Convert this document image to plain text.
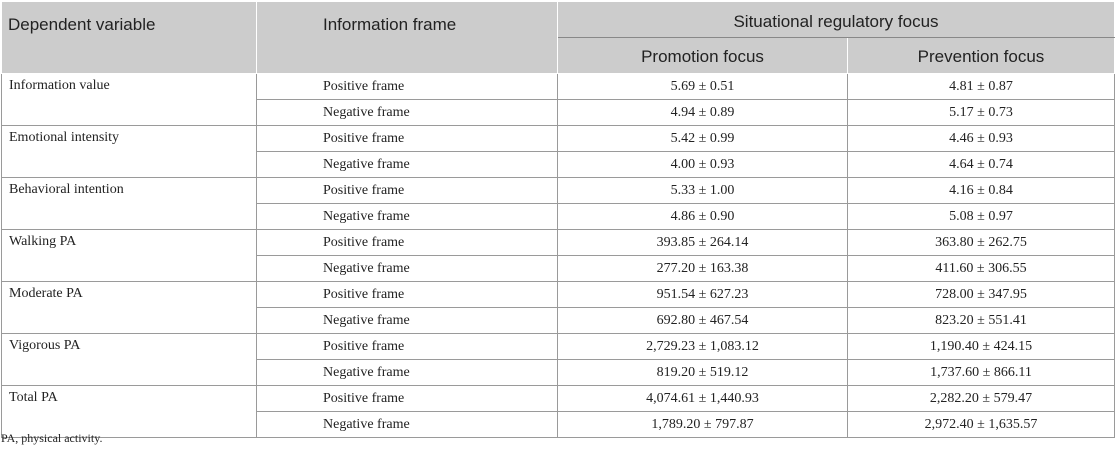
Dependent variable	Information frame	Situational regulatory focus	
		Promotion focus	Prevention focus
Information value	Positive frame	5.69 ± 0.51	4.81 ± 0.87
	Negative frame	4.94 ± 0.89	5.17 ± 0.73
Emotional intensity	Positive frame	5.42 ± 0.99	4.46 ± 0.93
	Negative frame	4.00 ± 0.93	4.64 ± 0.74
Behavioral intention	Positive frame	5.33 ± 1.00	4.16 ± 0.84
	Negative frame	4.86 ± 0.90	5.08 ± 0.97
Walking PA	Positive frame	393.85 ± 264.14	363.80 ± 262.75
	Negative frame	277.20 ± 163.38	411.60 ± 306.55
Moderate PA	Positive frame	951.54 ± 627.23	728.00 ± 347.95
	Negative frame	692.80 ± 467.54	823.20 ± 551.41
Vigorous PA	Positive frame	2,729.23 ± 1,083.12	1,190.40 ± 424.15
	Negative frame	819.20 ± 519.12	1,737.60 ± 866.11
Total PA	Positive frame	4,074.61 ± 1,440.93	2,282.20 ± 579.47
	Negative frame	1,789.20 ± 797.87	2,972.40 ± 1,635.57
PA, physical activity.
